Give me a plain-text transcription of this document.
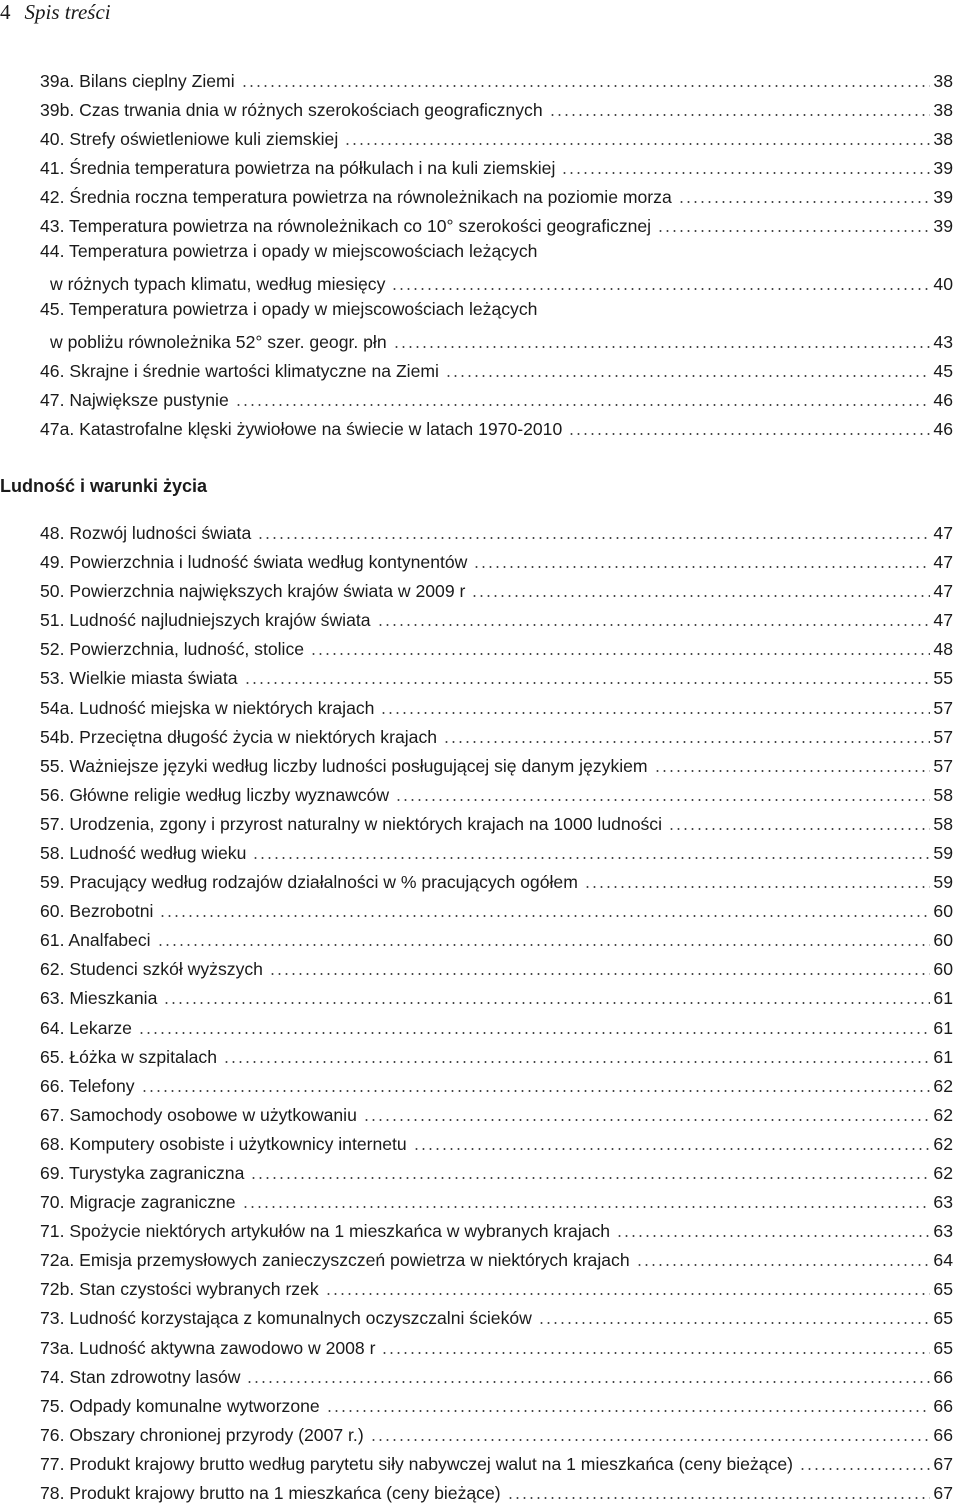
4 Spis treści
39a. Bilans cieplny Ziemi	38
39b. Czas trwania dnia w różnych szerokościach geograficznych	38
40. Strefy oświetleniowe kuli ziemskiej	38
41. Średnia temperatura powietrza na półkulach i na kuli ziemskiej	39
42. Średnia roczna temperatura powietrza na równoleżnikach na poziomie morza	39
43. Temperatura powietrza na równoleżnikach co 10° szerokości geograficznej	39
44. Temperatura powietrza i opady w miejscowościach leżących
w różnych typach klimatu, według miesięcy	40
45. Temperatura powietrza i opady w miejscowościach leżących
w pobliżu równoleżnika 52° szer. geogr. płn	43
46. Skrajne i średnie wartości klimatyczne na Ziemi	45
47. Największe pustynie	46
47a. Katastrofalne klęski żywiołowe na świecie w latach 1970-2010	46
Ludność i warunki życia
48. Rozwój ludności świata	47
49. Powierzchnia i ludność świata według kontynentów	47
50. Powierzchnia największych krajów świata w 2009 r	47
51. Ludność najludniejszych krajów świata	47
52. Powierzchnia, ludność, stolice	48
53. Wielkie miasta świata	55
54a. Ludność miejska w niektórych krajach	57
54b. Przeciętna długość życia w niektórych krajach	57
55. Ważniejsze języki według liczby ludności posługującej się danym językiem	57
56. Główne religie według liczby wyznawców	58
57. Urodzenia, zgony i przyrost naturalny w niektórych krajach na 1000 ludności	58
58. Ludność według wieku	59
59. Pracujący według rodzajów działalności w % pracujących ogółem	59
60. Bezrobotni	60
61. Analfabeci	60
62. Studenci szkół wyższych	60
63. Mieszkania	61
64. Lekarze	61
65. Łóżka w szpitalach	61
66. Telefony	62
67. Samochody osobowe w użytkowaniu	62
68. Komputery osobiste i użytkownicy internetu	62
69. Turystyka zagraniczna	62
70. Migracje zagraniczne	63
71. Spożycie niektórych artykułów na 1 mieszkańca w wybranych krajach	63
72a. Emisja przemysłowych zanieczyszczeń powietrza w niektórych krajach	64
72b. Stan czystości wybranych rzek	65
73. Ludność korzystająca z komunalnych oczyszczalni ścieków	65
73a. Ludność aktywna zawodowo w 2008 r	65
74. Stan zdrowotny lasów	66
75. Odpady komunalne wytworzone	66
76. Obszary chronionej przyrody (2007 r.)	66
77. Produkt krajowy brutto według parytetu siły nabywczej walut na 1 mieszkańca (ceny bieżące)	67
78. Produkt krajowy brutto na 1 mieszkańca (ceny bieżące)	67
